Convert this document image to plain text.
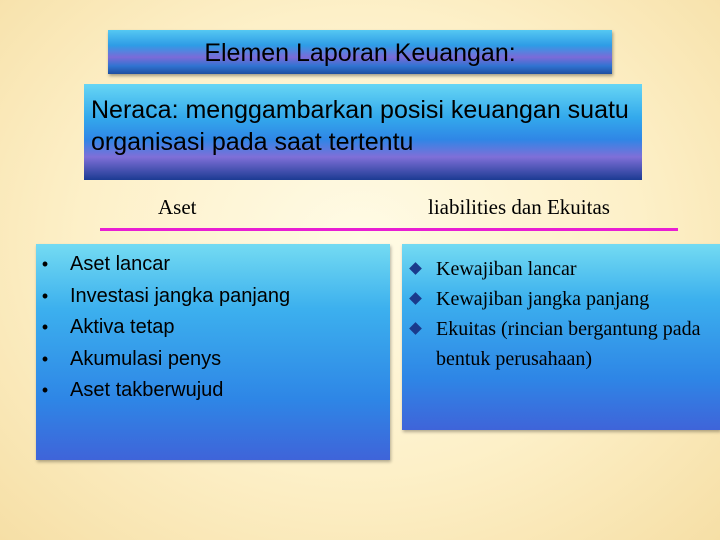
Elemen Laporan Keuangan:
Neraca: menggambarkan posisi keuangan suatu organisasi pada saat tertentu
Aset	liabilities dan Ekuitas
• Aset lancar
• Investasi jangka panjang
• Aktiva tetap
• Akumulasi penys
• Aset takberwujud
Kewajiban lancar
Kewajiban jangka panjang
Ekuitas (rincian bergantung pada bentuk perusahaan)
